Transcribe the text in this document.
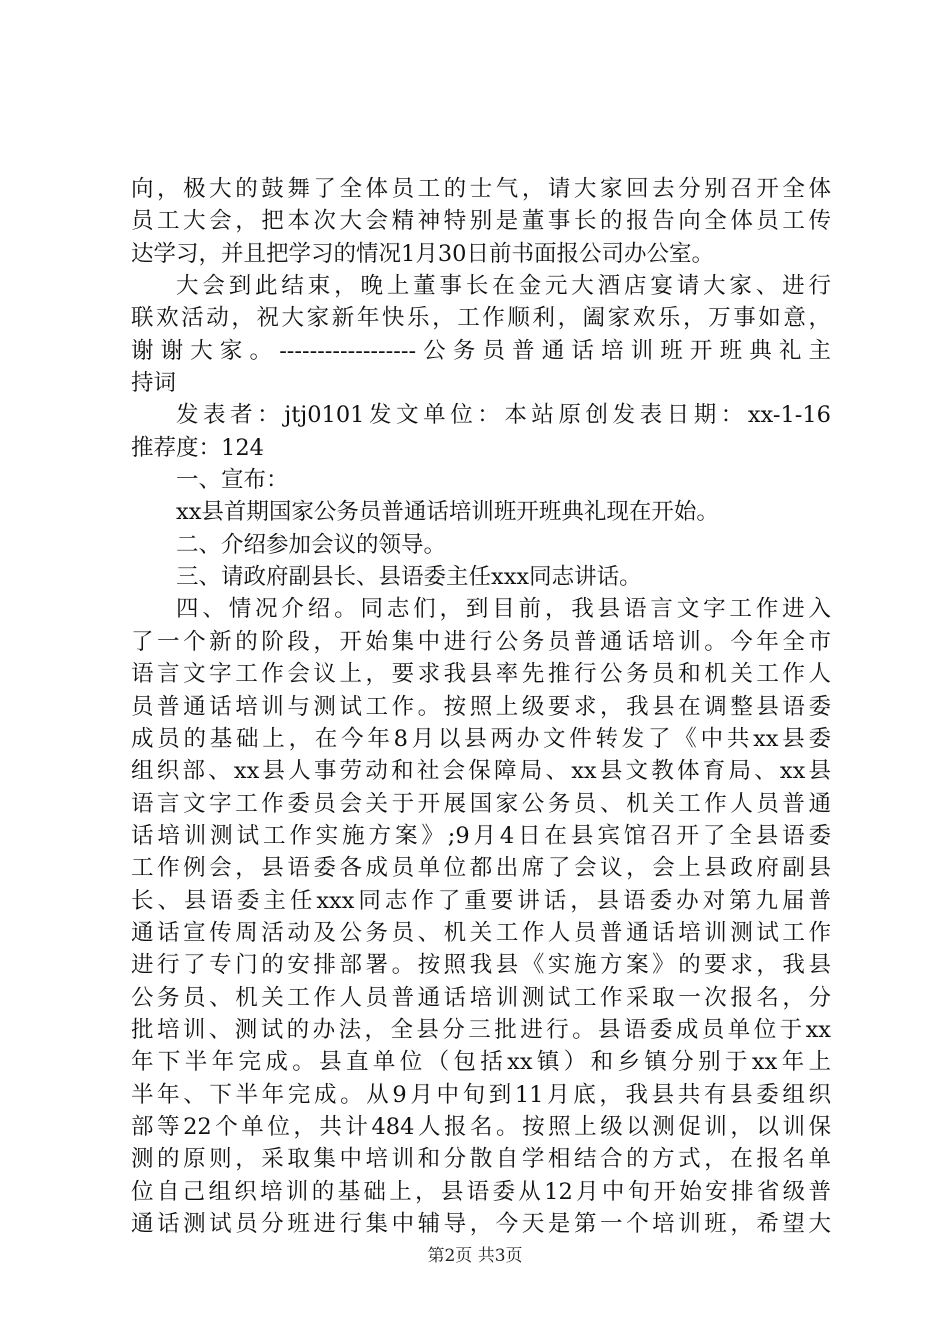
向，极大的鼓舞了全体员工的士气，请大家回去分别召开全体
员工大会，把本次大会精神特别是董事长的报告向全体员工传
达学习，并且把学习的情况1月30日前书面报公司办公室。
大会到此结束，晚上董事长在金元大酒店宴请大家、进行
联欢活动，祝大家新年快乐，工作顺利，阖家欢乐，万事如意，
谢谢大家。------------------公务员普通话培训班开班典礼主
持词
发表者：jtj0101发文单位：本站原创发表日期：xx-1-16
推荐度：124
一、宣布：
xx县首期国家公务员普通话培训班开班典礼现在开始。
二、介绍参加会议的领导。
三、请政府副县长、县语委主任xxx同志讲话。
四、情况介绍。同志们，到目前，我县语言文字工作进入
了一个新的阶段，开始集中进行公务员普通话培训。今年全市
语言文字工作会议上，要求我县率先推行公务员和机关工作人
员普通话培训与测试工作。按照上级要求，我县在调整县语委
成员的基础上，在今年8月以县两办文件转发了《中共xx县委
组织部、xx县人事劳动和社会保障局、xx县文教体育局、xx县
语言文字工作委员会关于开展国家公务员、机关工作人员普通
话培训测试工作实施方案》;9月4日在县宾馆召开了全县语委
工作例会，县语委各成员单位都出席了会议，会上县政府副县
长、县语委主任xxx同志作了重要讲话，县语委办对第九届普
通话宣传周活动及公务员、机关工作人员普通话培训测试工作
进行了专门的安排部署。按照我县《实施方案》的要求，我县
公务员、机关工作人员普通话培训测试工作采取一次报名，分
批培训、测试的办法，全县分三批进行。县语委成员单位于xx
年下半年完成。县直单位（包括xx镇）和乡镇分别于xx年上
半年、下半年完成。从9月中旬到11月底，我县共有县委组织
部等22个单位，共计484人报名。按照上级以测促训，以训保
测的原则，采取集中培训和分散自学相结合的方式，在报名单
位自己组织培训的基础上，县语委从12月中旬开始安排省级普
通话测试员分班进行集中辅导，今天是第一个培训班，希望大
第2页 共3页
